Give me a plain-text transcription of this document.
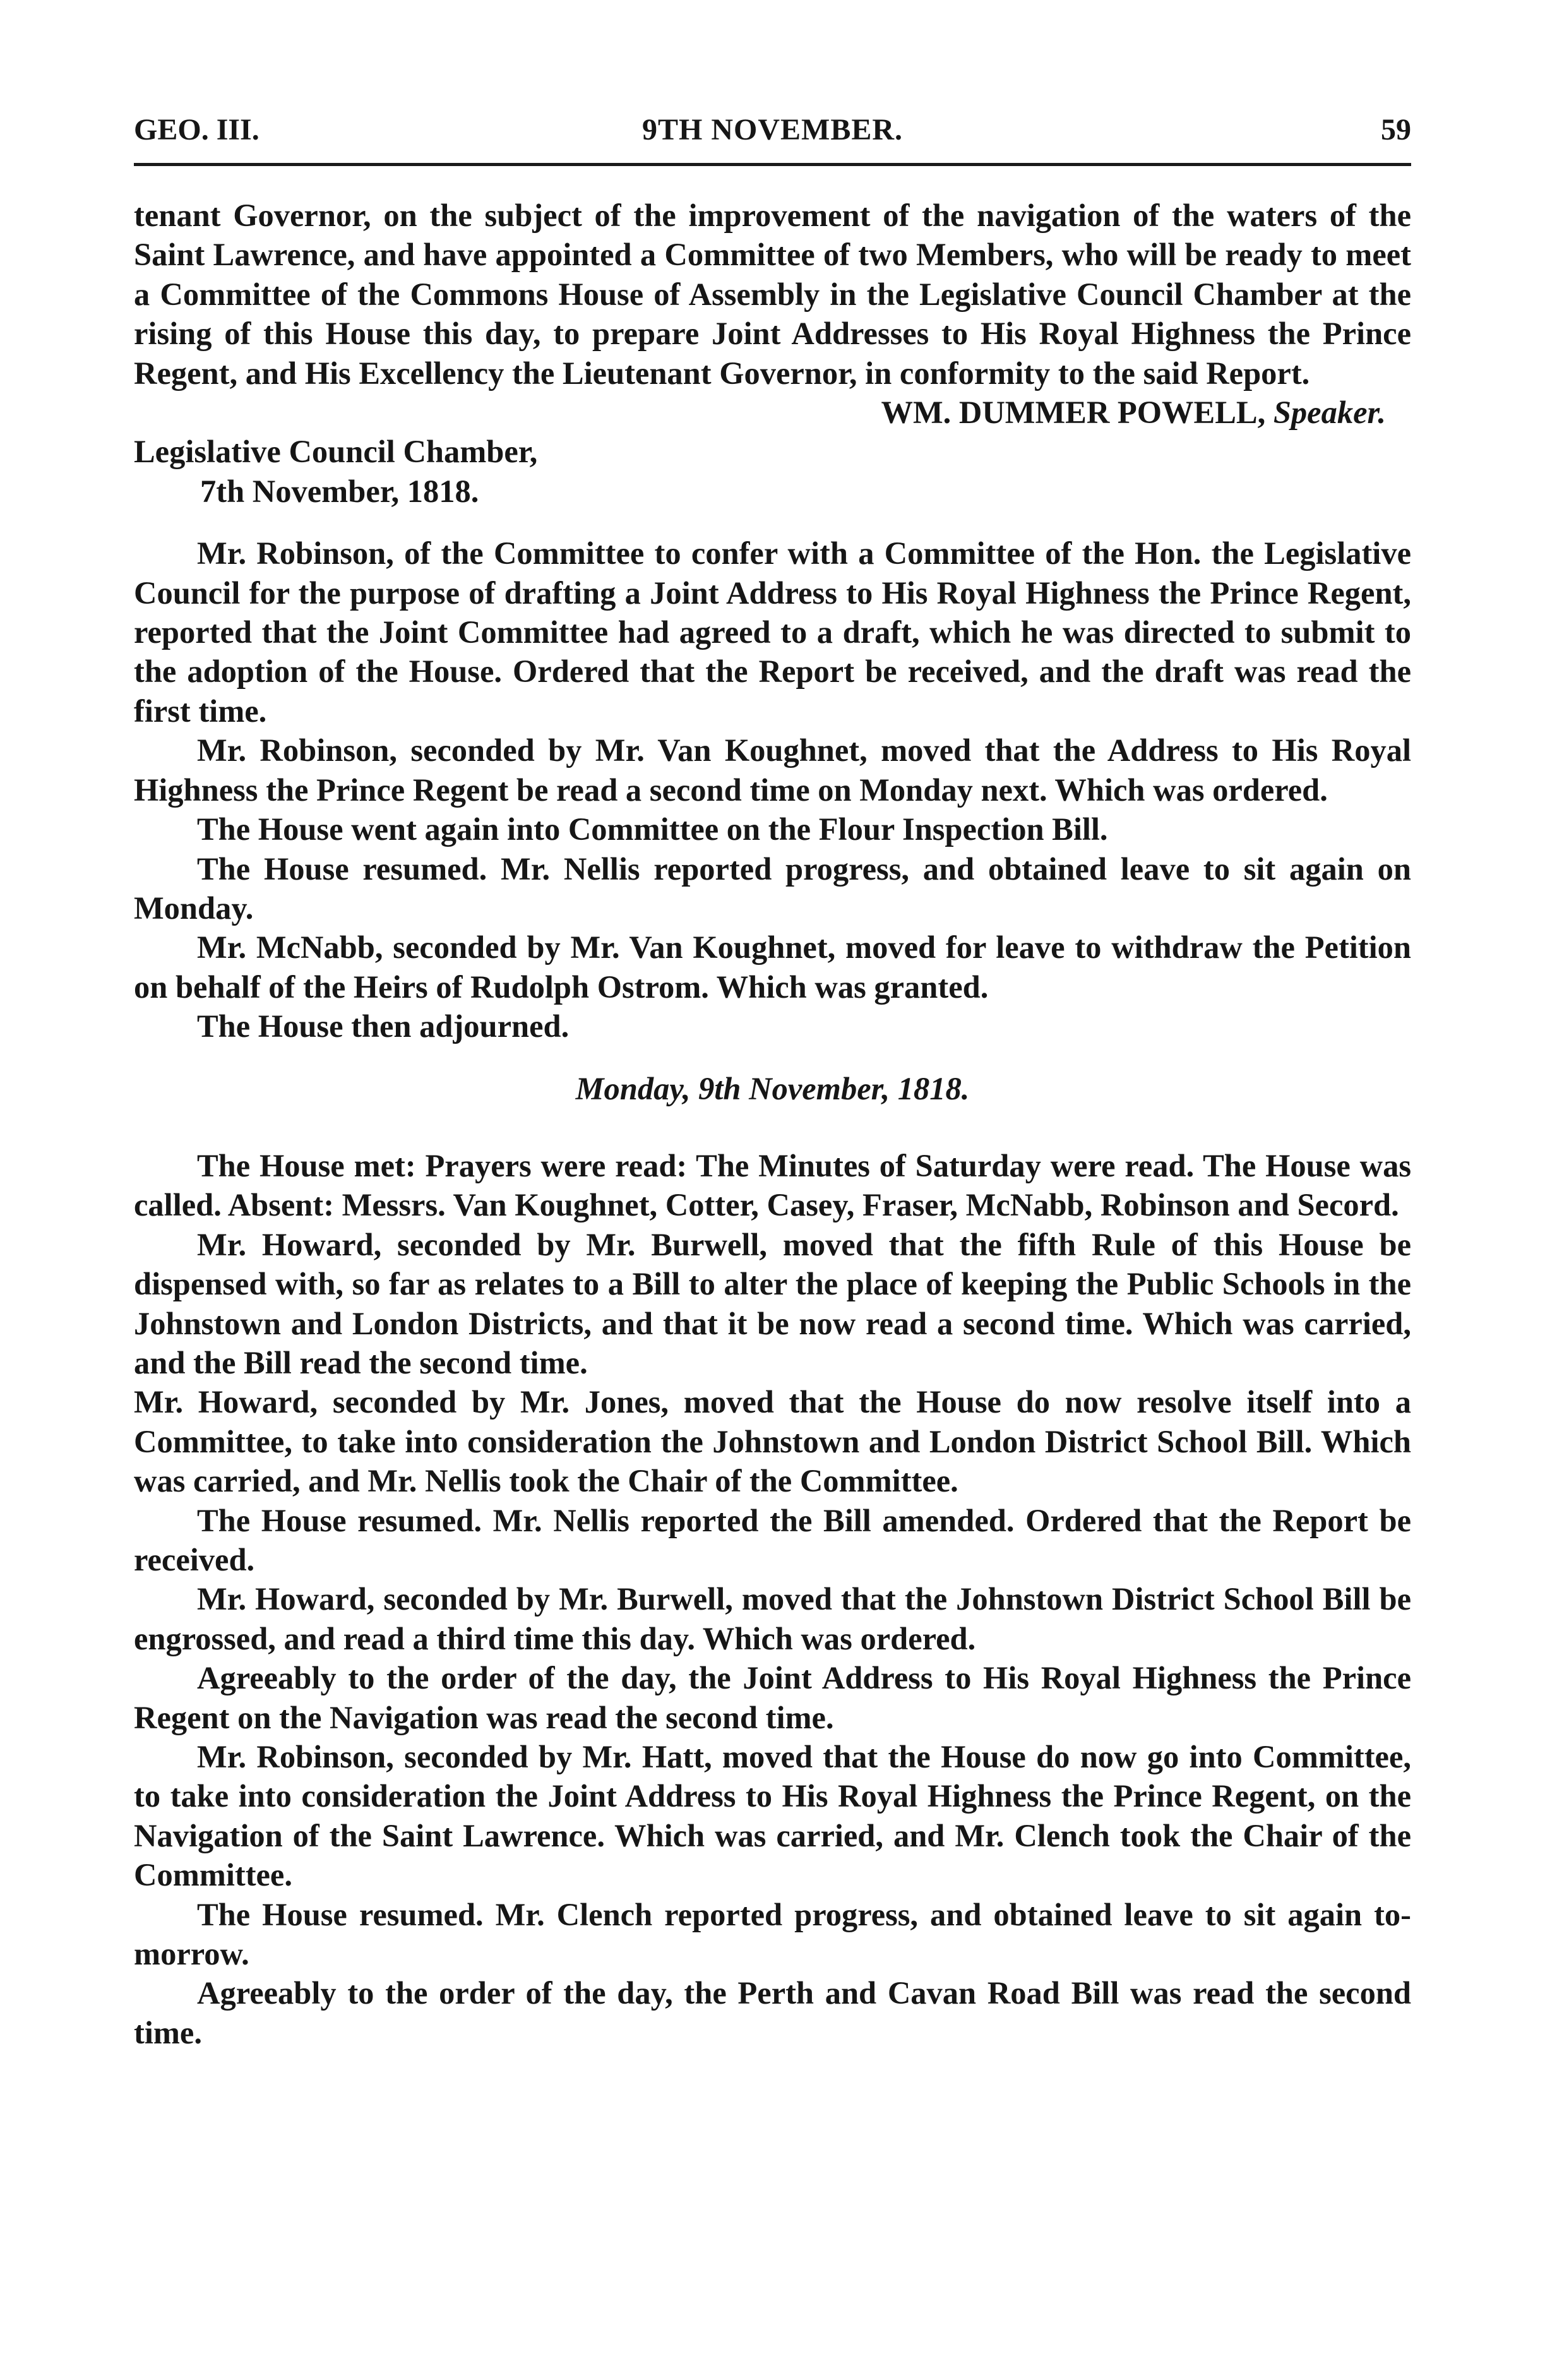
GEO. III.	9TH NOVEMBER.	59

tenant Governor, on the subject of the improvement of the navigation of the waters of the Saint Lawrence, and have appointed a Committee of two Members, who will be ready to meet a Committee of the Commons House of Assembly in the Legislative Council Chamber at the rising of this House this day, to prepare Joint Addresses to His Royal Highness the Prince Regent, and His Excellency the Lieutenant Governor, in conformity to the said Report.

WM. DUMMER POWELL, Speaker.

Legislative Council Chamber,

7th November, 1818.

Mr. Robinson, of the Committee to confer with a Committee of the Hon. the Legislative Council for the purpose of drafting a Joint Address to His Royal Highness the Prince Regent, reported that the Joint Committee had agreed to a draft, which he was directed to submit to the adoption of the House. Ordered that the Report be received, and the draft was read the first time.

Mr. Robinson, seconded by Mr. Van Koughnet, moved that the Address to His Royal Highness the Prince Regent be read a second time on Monday next. Which was ordered.

The House went again into Committee on the Flour Inspection Bill.

The House resumed. Mr. Nellis reported progress, and obtained leave to sit again on Monday.

Mr. McNabb, seconded by Mr. Van Koughnet, moved for leave to withdraw the Petition on behalf of the Heirs of Rudolph Ostrom. Which was granted.

The House then adjourned.

Monday, 9th November, 1818.

The House met: Prayers were read: The Minutes of Saturday were read. The House was called. Absent: Messrs. Van Koughnet, Cotter, Casey, Fraser, McNabb, Robinson and Secord.

Mr. Howard, seconded by Mr. Burwell, moved that the fifth Rule of this House be dispensed with, so far as relates to a Bill to alter the place of keeping the Public Schools in the Johnstown and London Districts, and that it be now read a second time. Which was carried, and the Bill read the second time.

Mr. Howard, seconded by Mr. Jones, moved that the House do now resolve itself into a Committee, to take into consideration the Johnstown and London District School Bill. Which was carried, and Mr. Nellis took the Chair of the Committee.

The House resumed. Mr. Nellis reported the Bill amended. Ordered that the Report be received.

Mr. Howard, seconded by Mr. Burwell, moved that the Johnstown District School Bill be engrossed, and read a third time this day. Which was ordered.

Agreeably to the order of the day, the Joint Address to His Royal Highness the Prince Regent on the Navigation was read the second time.

Mr. Robinson, seconded by Mr. Hatt, moved that the House do now go into Committee, to take into consideration the Joint Address to His Royal Highness the Prince Regent, on the Navigation of the Saint Lawrence. Which was carried, and Mr. Clench took the Chair of the Committee.

The House resumed. Mr. Clench reported progress, and obtained leave to sit again to-morrow.

Agreeably to the order of the day, the Perth and Cavan Road Bill was read the second time.
